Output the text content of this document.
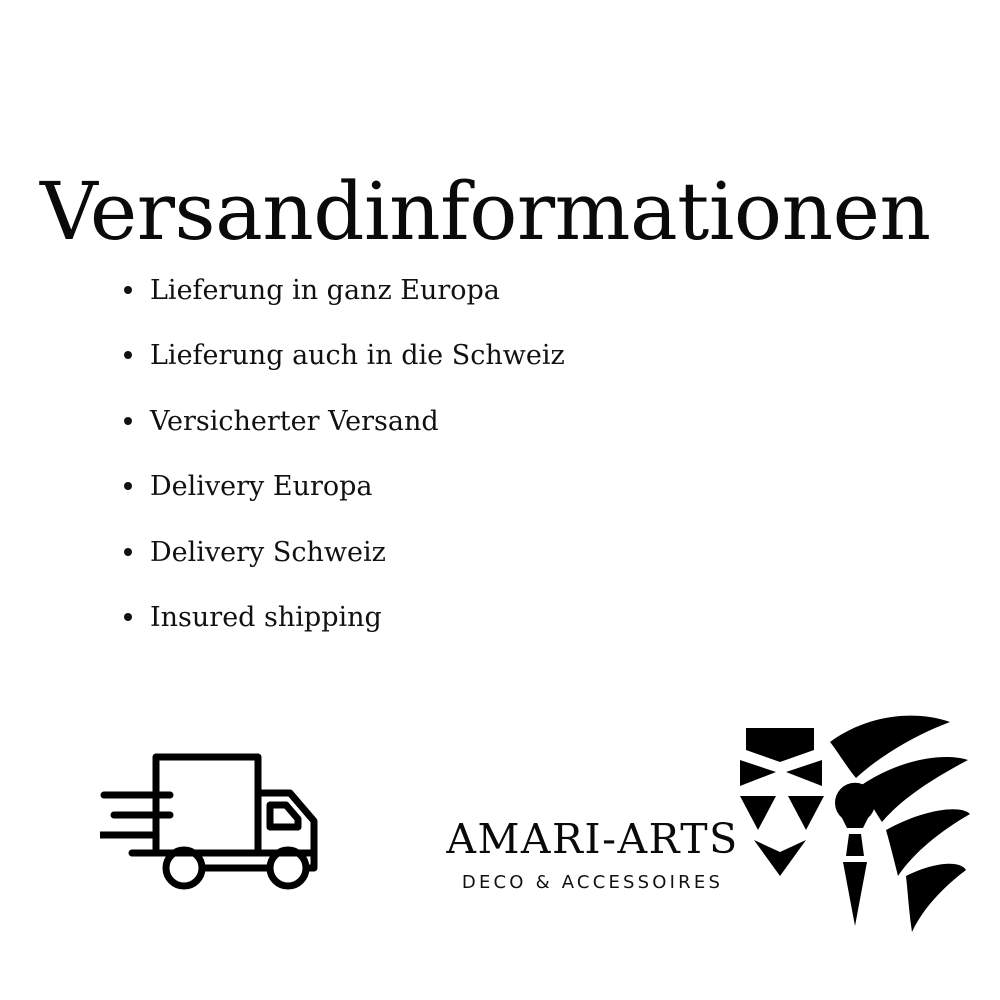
Versandinformationen
Lieferung in ganz Europa
Lieferung auch in die Schweiz
Versicherter Versand
Delivery Europa
Delivery Schweiz
Insured shipping
AMARI-ARTS
DECO & ACCESSOIRES
